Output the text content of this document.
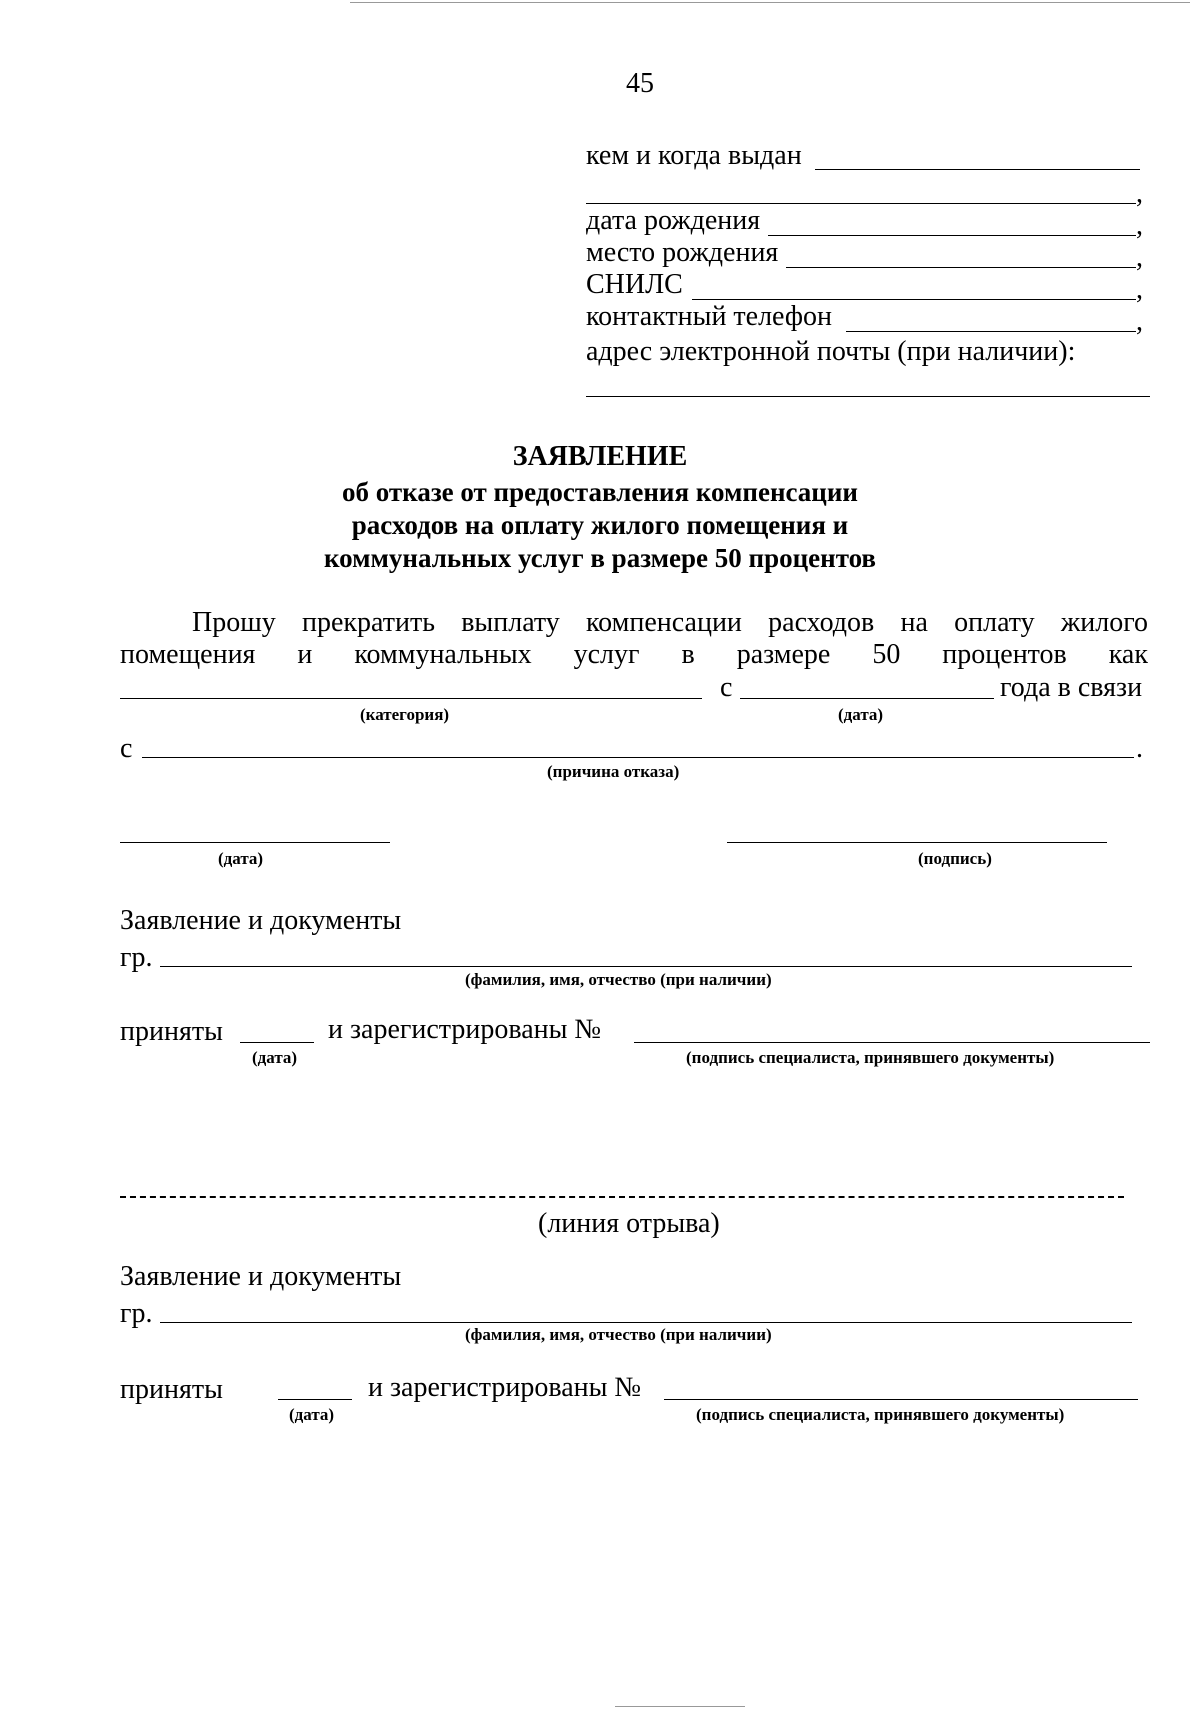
45
кем и когда выдан
,
дата рождения	,
место рождения	,
СНИЛС	,
контактный телефон	,
адрес электронной почты (при наличии):
ЗАЯВЛЕНИЕ
об отказе от предоставления компенсации
расходов на оплату жилого помещения и
коммунальных услуг в размере 50 процентов
Прошу прекратить выплату компенсации расходов на оплату жилого
помещения и коммунальных услуг в размере 50 процентов как
с	года в связи
(категория)	(дата)
с	.
(причина отказа)
(дата)	(подпись)
Заявление и документы
гр.
(фамилия, имя, отчество (при наличии)
приняты	и зарегистрированы №
(дата)	(подпись специалиста, принявшего документы)
(линия отрыва)
Заявление и документы
гр.
(фамилия, имя, отчество (при наличии)
приняты	и зарегистрированы №
(дата)	(подпись специалиста, принявшего документы)
